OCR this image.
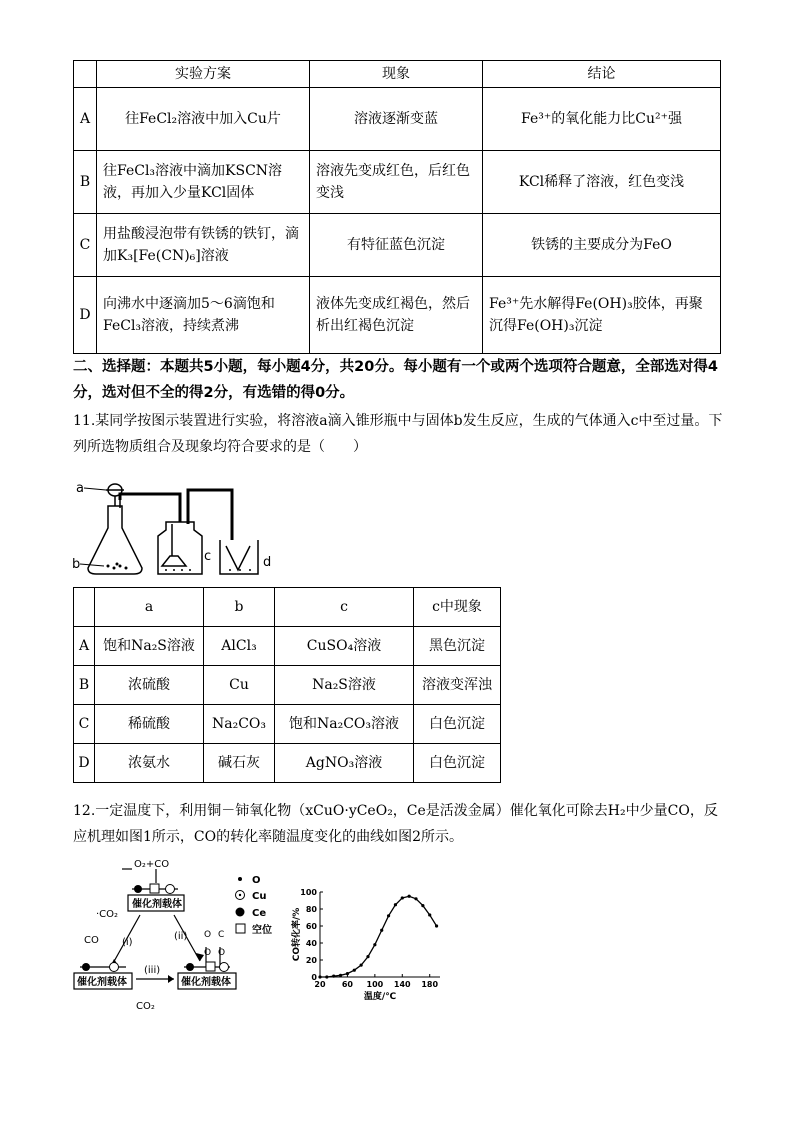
	实验方案	现象	结论
A	往FeCl₂溶液中加入Cu片	溶液逐渐变蓝	Fe³⁺的氧化能力比Cu²⁺强
B	往FeCl₃溶液中滴加KSCN溶液，再加入少量KCl固体	溶液先变成红色，后红色变浅	KCl稀释了溶液，红色变浅
C	用盐酸浸泡带有铁锈的铁钉，滴加K₃[Fe(CN)₆]溶液	有特征蓝色沉淀	铁锈的主要成分为FeO
D	向沸水中逐滴加5～6滴饱和FeCl₃溶液，持续煮沸	液体先变成红褐色，然后析出红褐色沉淀	Fe³⁺先水解得Fe(OH)₃胶体，再聚沉得Fe(OH)₃沉淀
二、选择题：本题共5小题，每小题4分，共20分。每小题有一个或两个选项符合题意，全部选对得4分，选对但不全的得2分，有选错的得0分。
11.某同学按图示装置进行实验，将溶液a滴入锥形瓶中与固体b发生反应，生成的气体通入c中至过量。下列所选物质组合及现象均符合要求的是（　　）
a
b
c	d
	a	b	c	c中现象
A	饱和Na₂S溶液	AlCl₃	CuSO₄溶液	黑色沉淀
B	浓硫酸	Cu	Na₂S溶液	溶液变浑浊
C	稀硫酸	Na₂CO₃	饱和Na₂CO₃溶液	白色沉淀
D	浓氨水	碱石灰	AgNO₃溶液	白色沉淀
12.一定温度下，利用铜－铈氧化物（xCuO·yCeO₂，Ce是活泼金属）催化氧化可除去H₂中少量CO，反应机理如图1所示，CO的转化率随温度变化的曲线如图2所示。
O₂+CO
催化剂载体
催化剂载体	催化剂载体
·CO₂
CO (i)
(ii)
(iii)
CO₂
O C
O O
O
Cu
Ce
空位
0
20
40
60
80
100
20 60 100 140 180
温度/℃
CO转化率/%
